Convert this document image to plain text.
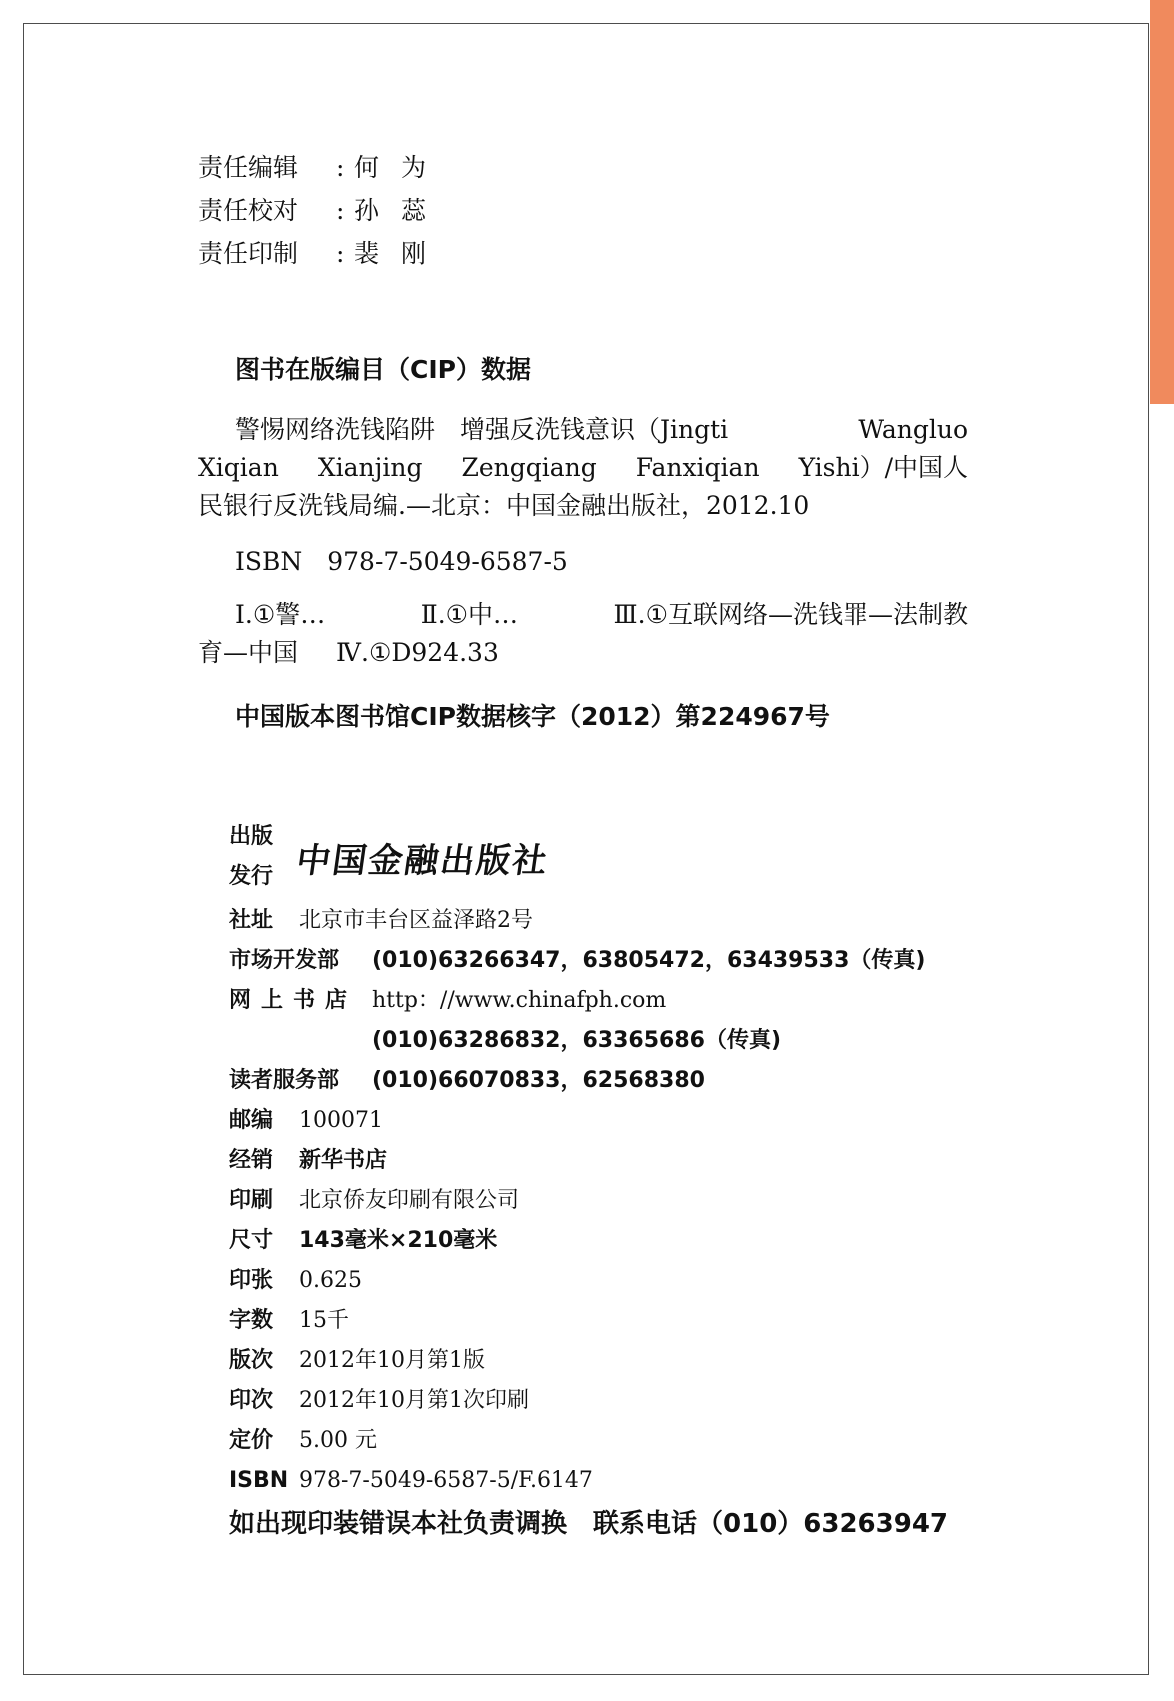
责任编辑 : 何为
责任校对 : 孙蕊
责任印制 : 裴刚
图书在版编目（CIP）数据
警惕网络洗钱陷阱　增强反洗钱意识（Jingti	Wangluo
Xiqian Xianjing Zengqiang Fanxiqian Yishi）/中国人
民银行反洗钱局编.—北京：中国金融出版社，2012.10
ISBN　978-7-5049-6587-5
Ⅰ.①警…	Ⅱ.①中…	Ⅲ.①互联网络—洗钱罪—法制教
育—中国 Ⅳ.①D924.33
中国版本图书馆CIP数据核字（2012）第224967号
出版
发行 中国金融出版社
社址 北京市丰台区益泽路2号
市场开发部 (010)63266347，63805472，63439533（传真)
网上书店 http：//www.chinafph.com
(010)63286832，63365686（传真)
读者服务部 (010)66070833，62568380
邮编 100071
经销 新华书店
印刷 北京侨友印刷有限公司
尺寸 143毫米×210毫米
印张 0.625
字数 15千
版次 2012年10月第1版
印次 2012年10月第1次印刷
定价 5.00 元
ISBN 978-7-5049-6587-5/F.6147
如出现印装错误本社负责调换 联系电话（010）63263947
